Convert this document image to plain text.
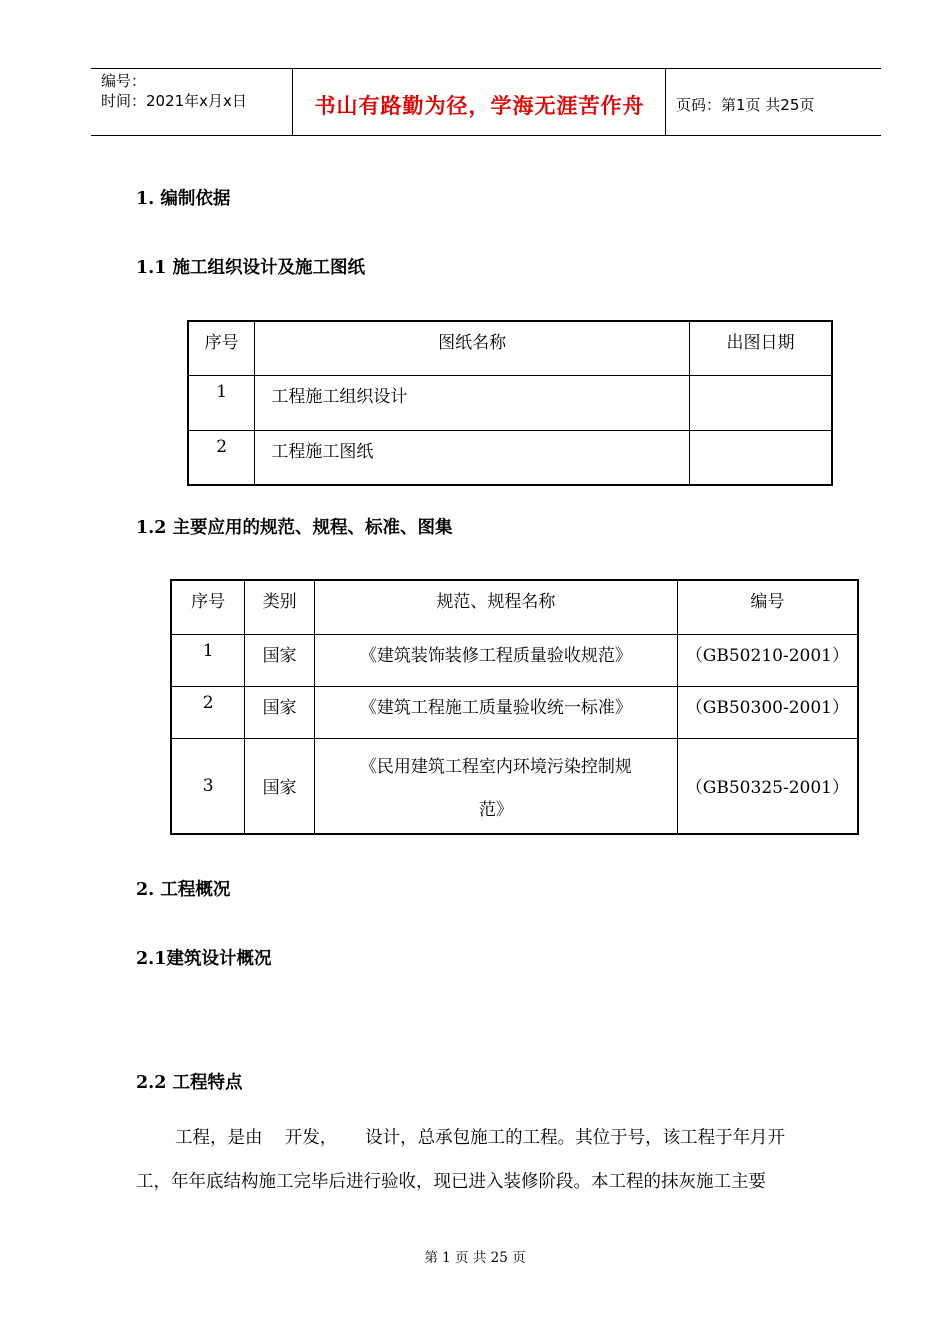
编号：
时间：2021年x月x日	书山有路勤为径，学海无涯苦作舟	页码：第1页 共25页
1. 编制依据
1.1 施工组织设计及施工图纸
序号	图纸名称	出图日期

1	工程施工组织设计	

2	工程施工图纸	

1.2 主要应用的规范、规程、标准、图集
序号	类别	规范、规程名称	编号

1	国家	《建筑装饰装修工程质量验收规范》	（GB50210-2001）

2	国家	《建筑工程施工质量验收统一标准》	（GB50300-2001）

3	国家	《民用建筑工程室内环境污染控制规
范》	（GB50325-2001）
2. 工程概况
2.1建筑设计概况
2.2 工程特点
工程，是由    开发，     设计，总承包施工的工程。其位于号，该工程于年月开
工，年年底结构施工完毕后进行验收，现已进入装修阶段。本工程的抹灰施工主要
第 1 页 共 25 页
